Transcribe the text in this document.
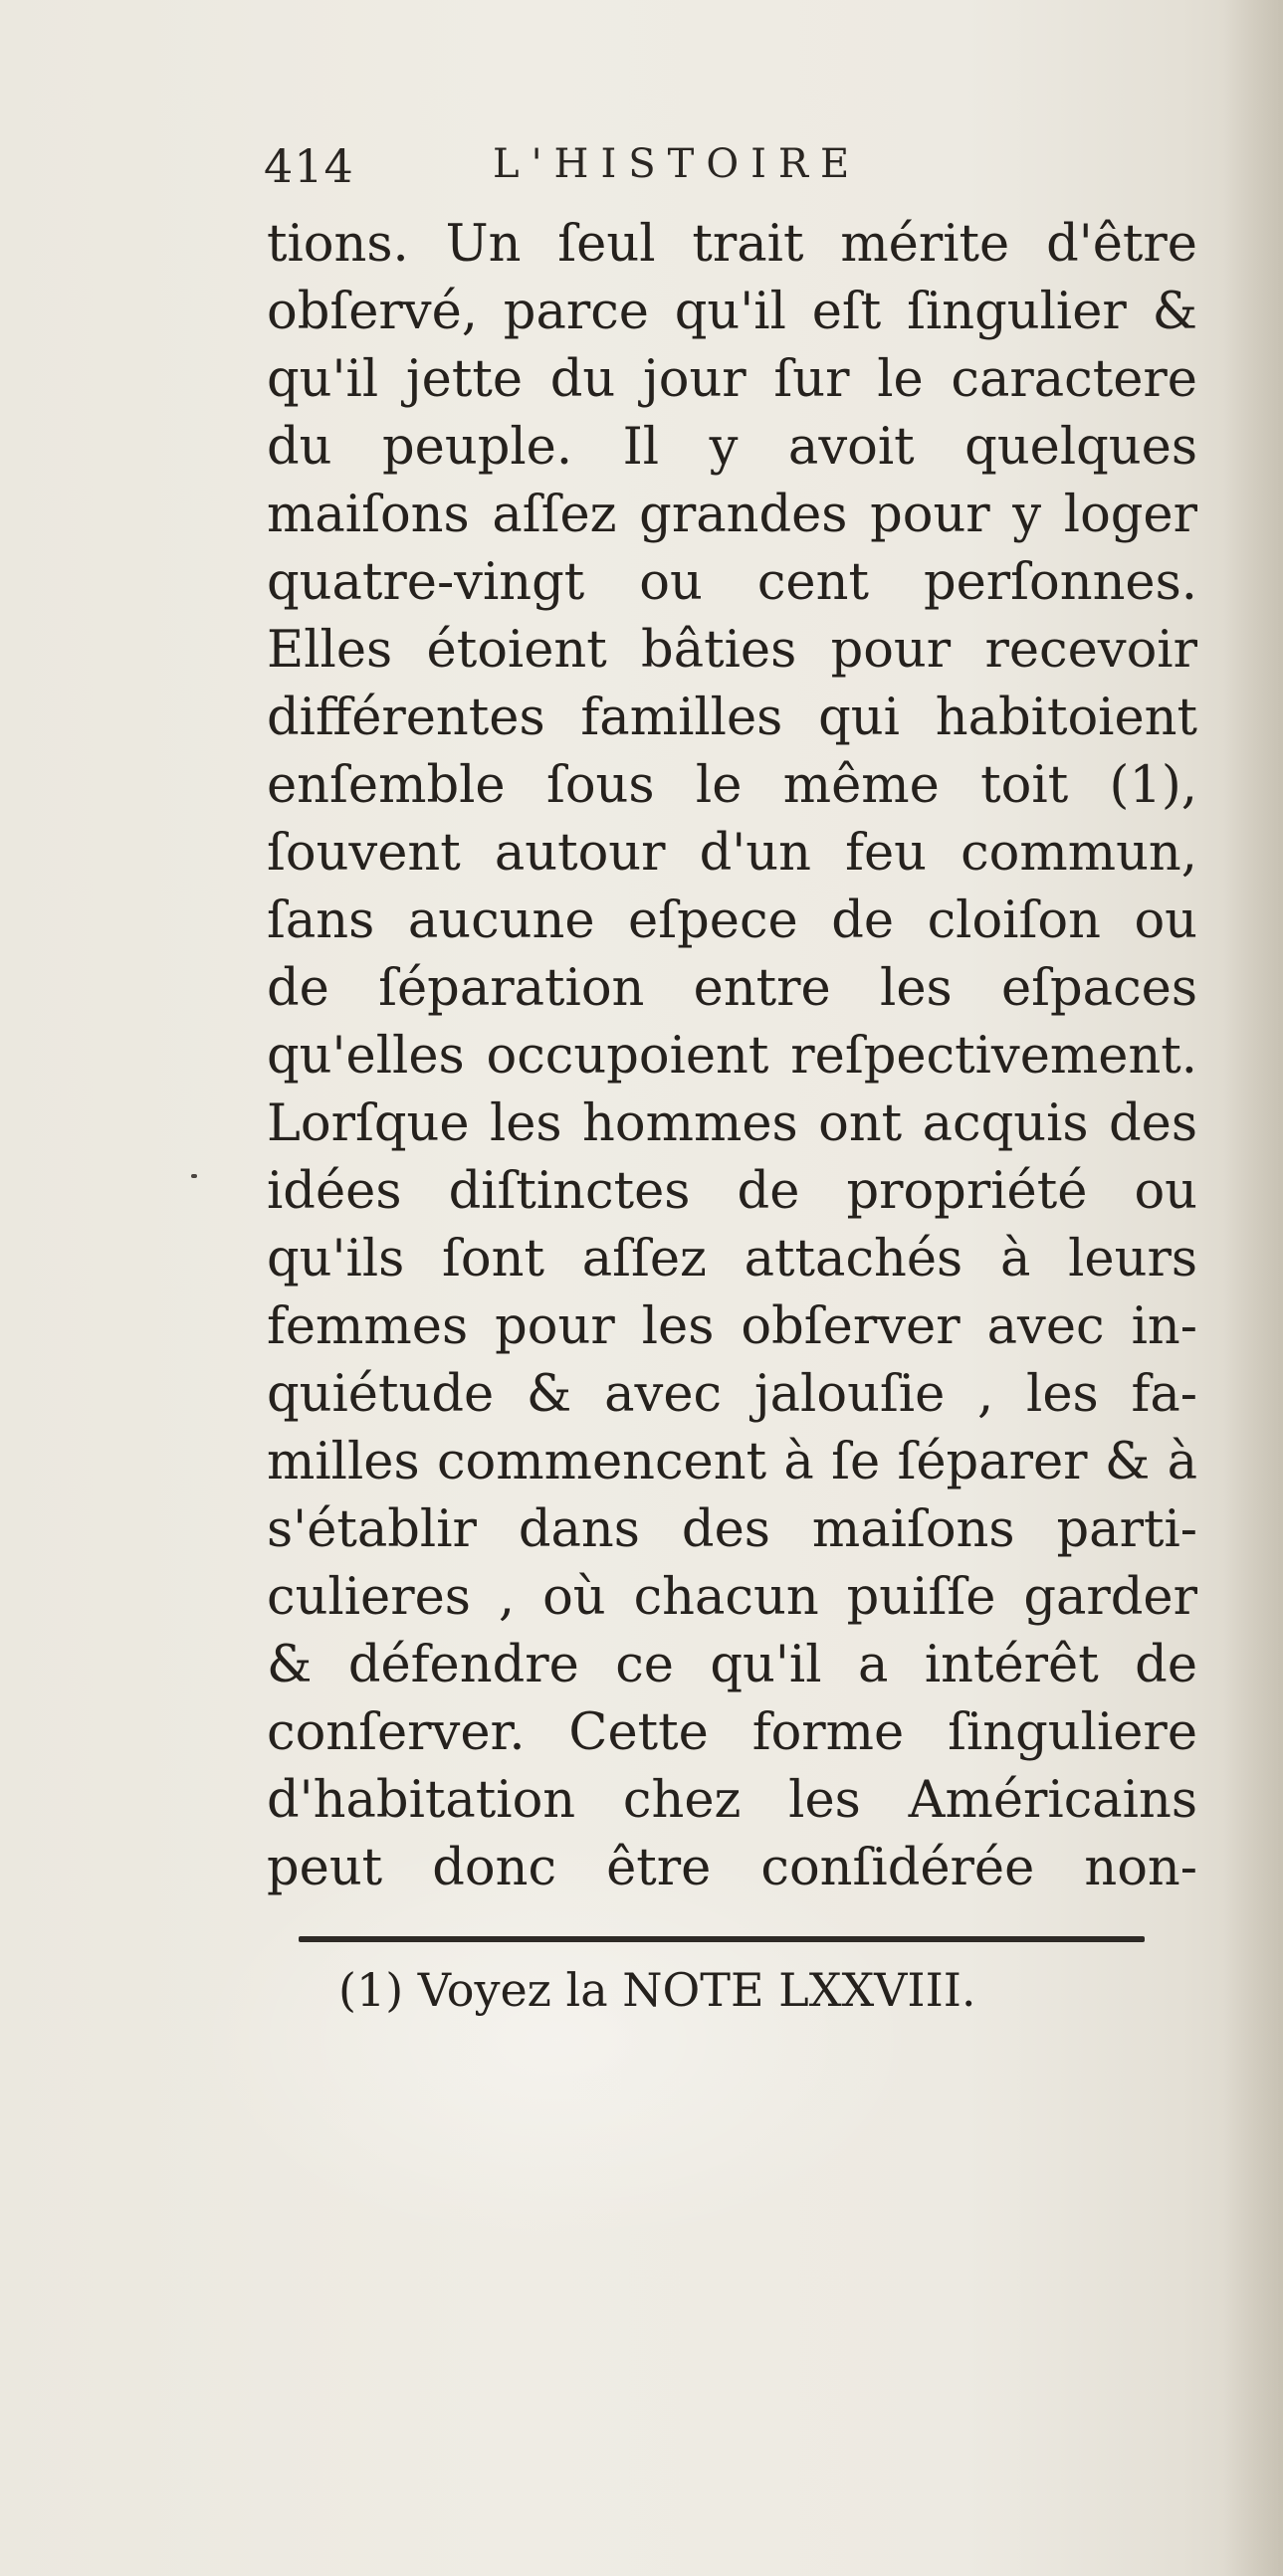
414	L'HISTOIRE
tions. Un ſeul trait mérite d'être
obſervé, parce qu'il eſt ſingulier &
qu'il jette du jour ſur le caractere
du peuple. Il y avoit quelques
maiſons aſſez grandes pour y loger
quatre-vingt ou cent perſonnes.
Elles étoient bâties pour recevoir
différentes familles qui habitoient
enſemble ſous le même toit (1),
ſouvent autour d'un feu commun,
ſans aucune eſpece de cloiſon ou
de ſéparation entre les eſpaces
qu'elles occupoient reſpectivement.
Lorſque les hommes ont acquis des
idées diſtinctes de propriété ou
qu'ils ſont aſſez attachés à leurs
femmes pour les obſerver avec in-
quiétude & avec jalouſie , les fa-
milles commencent à ſe ſéparer & à
s'établir dans des maiſons parti-
culieres , où chacun puiſſe garder
& défendre ce qu'il a intérêt de
conſerver. Cette forme ſinguliere
d'habitation chez les Américains
peut donc être conſidérée non-
(1) Voyez la NOTE LXXVIII.
